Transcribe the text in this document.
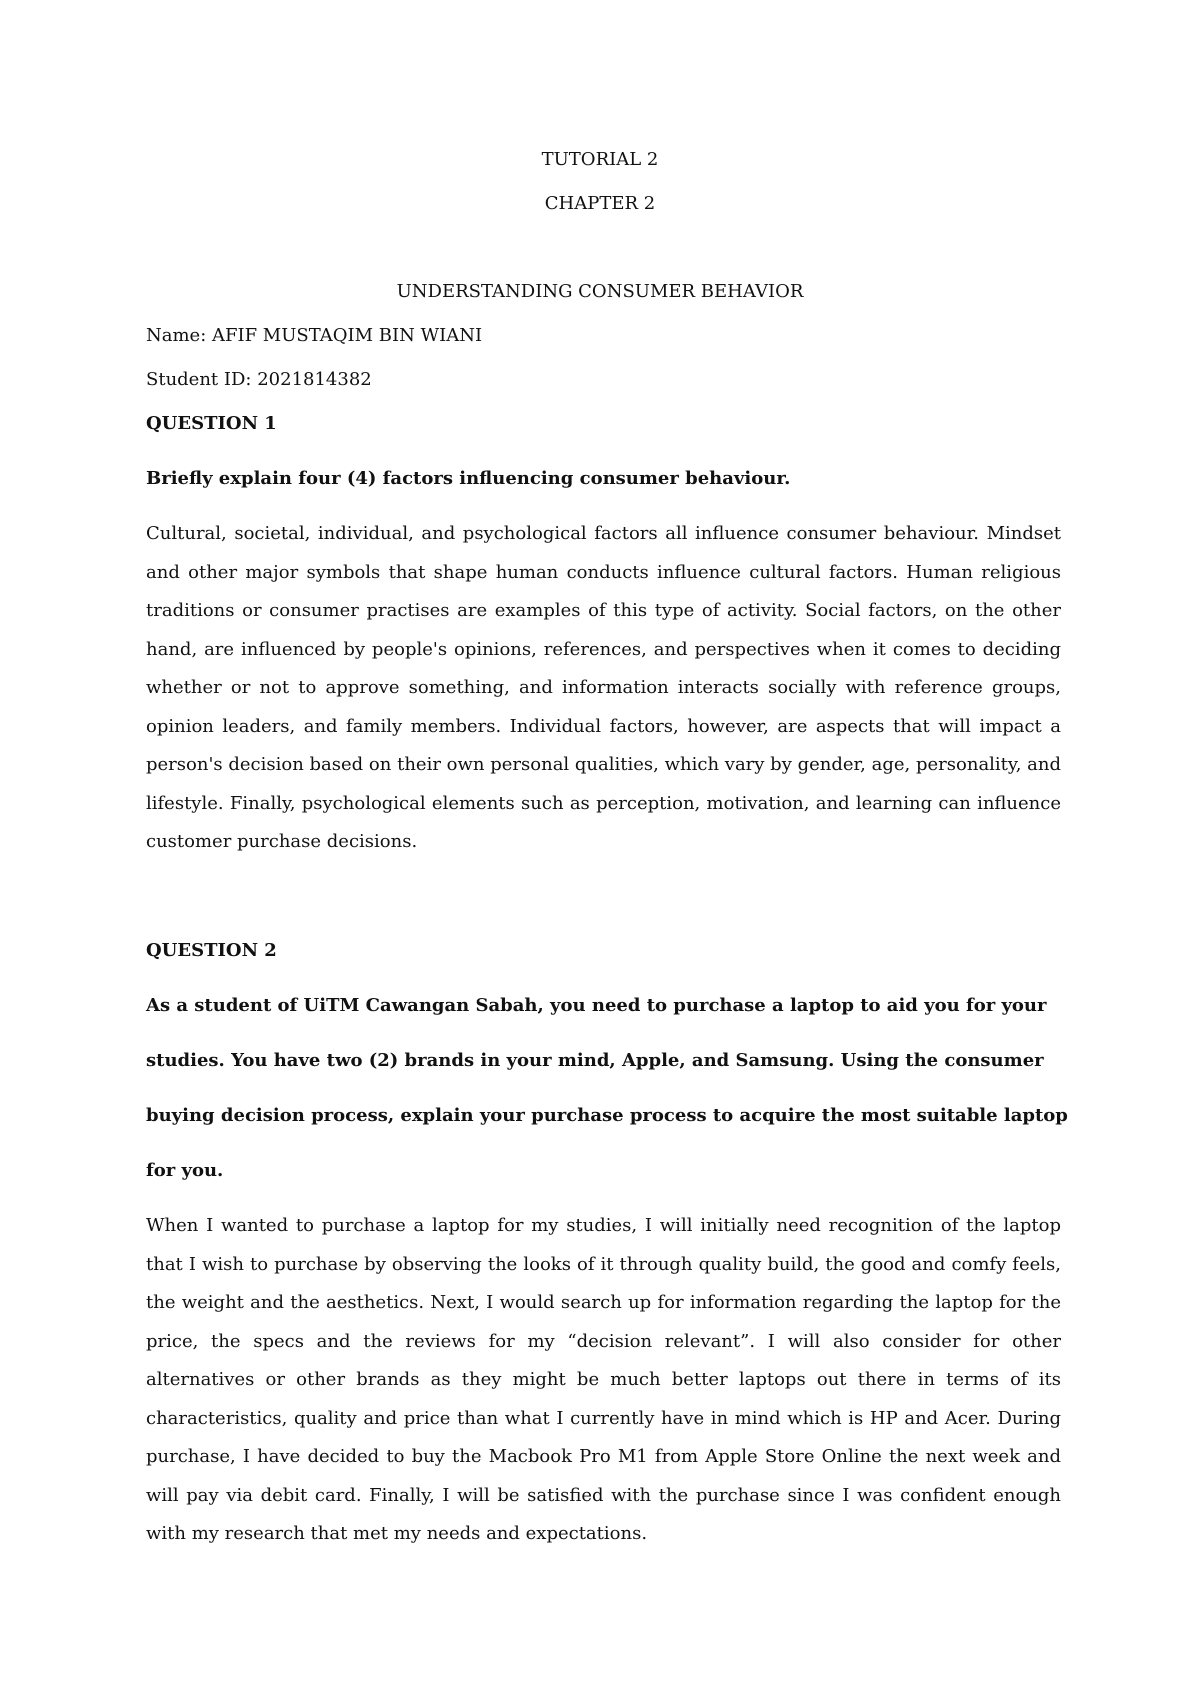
TUTORIAL 2
CHAPTER 2
UNDERSTANDING CONSUMER BEHAVIOR
Name: AFIF MUSTAQIM BIN WIANI
Student ID: 2021814382
QUESTION 1
Briefly explain four (4) factors influencing consumer behaviour.

Cultural, societal, individual, and psychological factors all influence consumer behaviour. Mindset and other major symbols that shape human conducts influence cultural factors. Human religious traditions or consumer practises are examples of this type of activity. Social factors, on the other hand, are influenced by people's opinions, references, and perspectives when it comes to deciding whether or not to approve something, and information interacts socially with reference groups, opinion leaders, and family members. Individual factors, however, are aspects that will impact a person's decision based on their own personal qualities, which vary by gender, age, personality, and lifestyle. Finally, psychological elements such as perception, motivation, and learning can influence customer purchase decisions.

QUESTION 2
As a student of UiTM Cawangan Sabah, you need to purchase a laptop to aid you for your
studies. You have two (2) brands in your mind, Apple, and Samsung. Using the consumer
buying decision process, explain your purchase process to acquire the most suitable laptop
for you.

When I wanted to purchase a laptop for my studies, I will initially need recognition of the laptop that I wish to purchase by observing the looks of it through quality build, the good and comfy feels, the weight and the aesthetics. Next, I would search up for information regarding the laptop for the price, the specs and the reviews for my “decision relevant”. I will also consider for other alternatives or other brands as they might be much better laptops out there in terms of its characteristics, quality and price than what I currently have in mind which is HP and Acer. During purchase, I have decided to buy the Macbook Pro M1 from Apple Store Online the next week and will pay via debit card. Finally, I will be satisfied with the purchase since I was confident enough with my research that met my needs and expectations.
